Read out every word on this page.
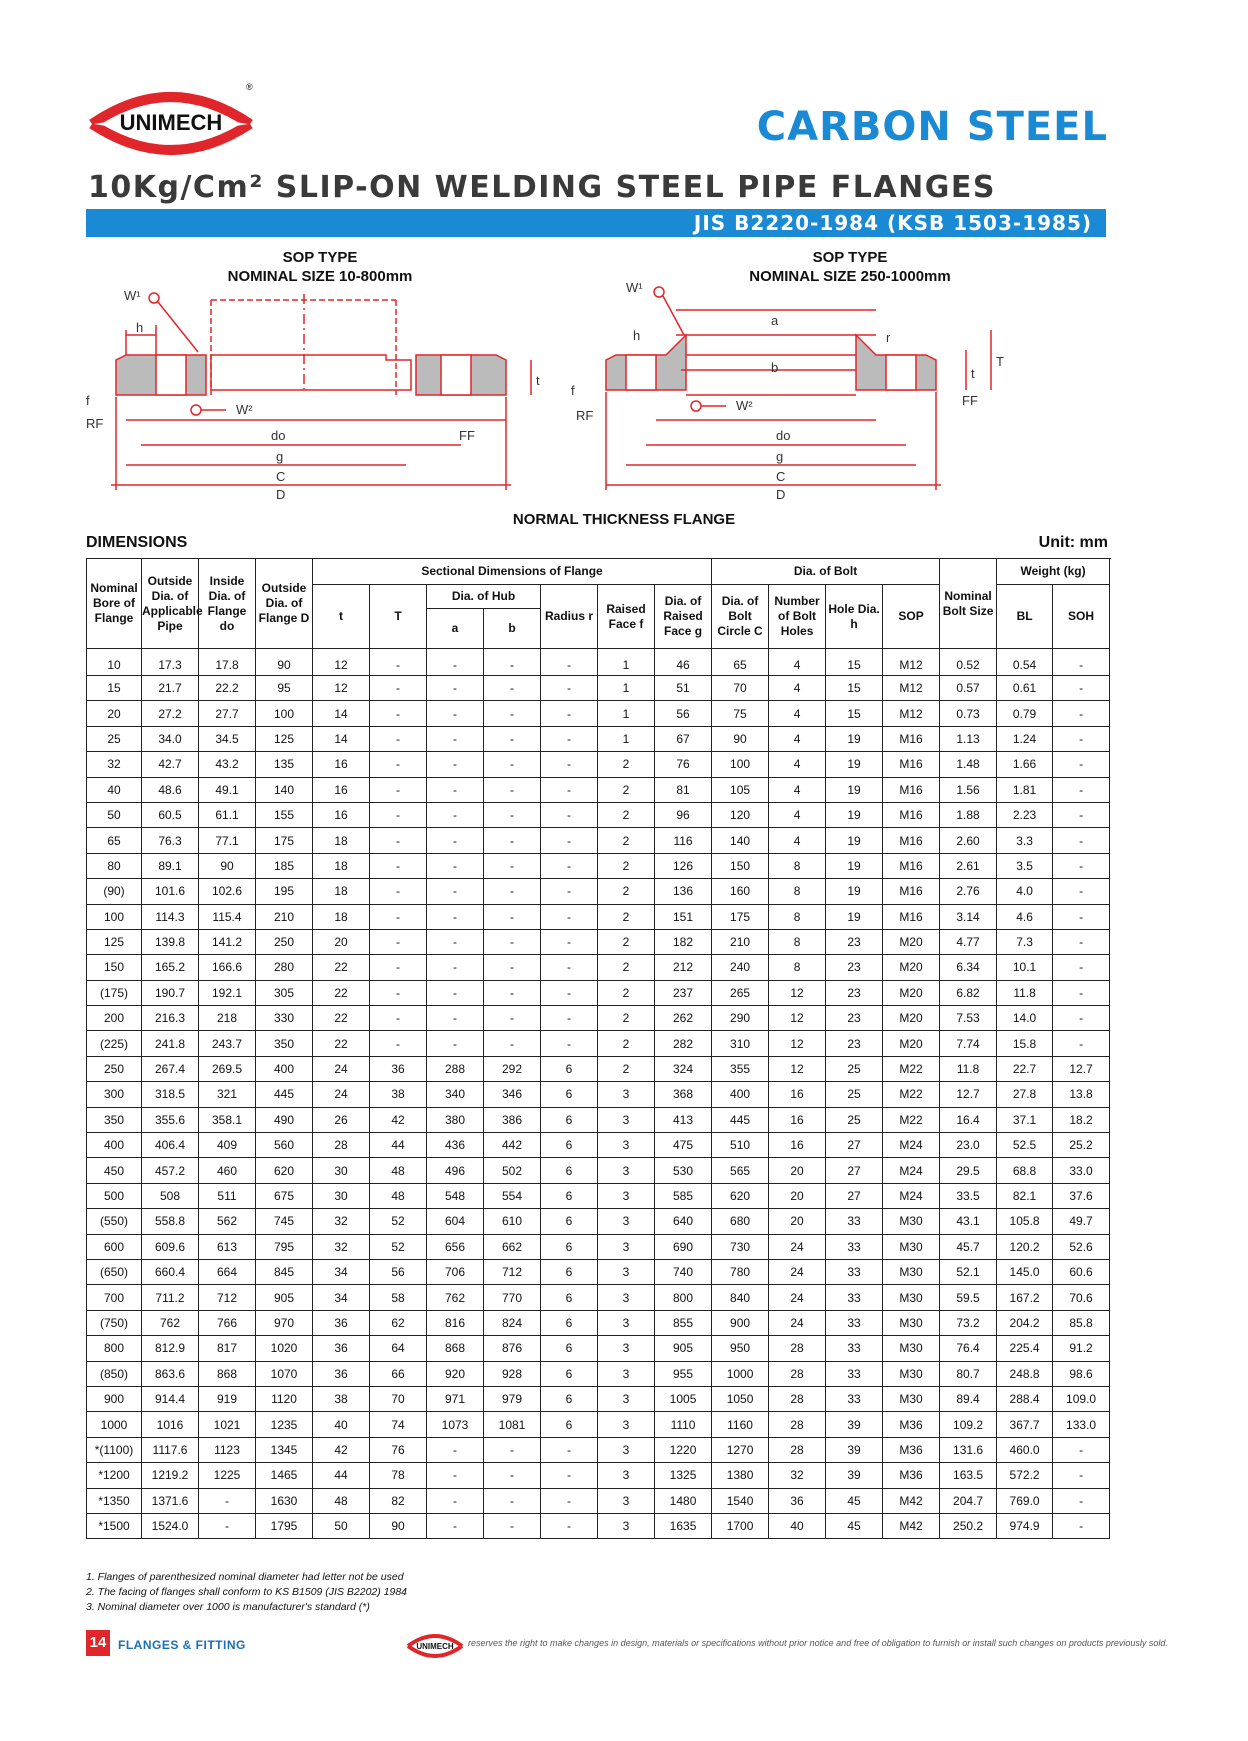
UNIMECH
®
CARBON STEEL
10Kg/Cm² SLIP-ON WELDING STEEL PIPE FLANGES
JIS B2220-1984 (KSB 1503-1985)
SOP TYPE
NOMINAL SIZE 10-800mm
SOP TYPE
NOMINAL SIZE 250-1000mm
W¹
h
W²
do
g
C
D
f
RF
t
FF
W¹
h
a
b
r
W²
do
g
C
D
f
RF
t
T
FF
NORMAL THICKNESS FLANGE
DIMENSIONS	Unit: mm
Nominal Bore of Flange	Outside Dia. of Applicable Pipe	Inside Dia. of Flange do	Outside Dia. of Flange D	Sectional Dimensions of Flange							Dia. of Bolt				Nominal Bolt Size	Weight (kg)	
				t	T	Dia. of Hub		Radius r	Raised Face f	Dia. of Raised Face g	Dia. of Bolt Circle C	Number of Bolt Holes	Hole Dia. h	SOP		BL	SOH
						a	b										
10	17.3	17.8	90	12	-	-	-	-	1	46	65	4	15	M12	0.52	0.54	-
15	21.7	22.2	95	12	-	-	-	-	1	51	70	4	15	M12	0.57	0.61	-
20	27.2	27.7	100	14	-	-	-	-	1	56	75	4	15	M12	0.73	0.79	-
25	34.0	34.5	125	14	-	-	-	-	1	67	90	4	19	M16	1.13	1.24	-
32	42.7	43.2	135	16	-	-	-	-	2	76	100	4	19	M16	1.48	1.66	-
40	48.6	49.1	140	16	-	-	-	-	2	81	105	4	19	M16	1.56	1.81	-
50	60.5	61.1	155	16	-	-	-	-	2	96	120	4	19	M16	1.88	2.23	-
65	76.3	77.1	175	18	-	-	-	-	2	116	140	4	19	M16	2.60	3.3	-
80	89.1	90	185	18	-	-	-	-	2	126	150	8	19	M16	2.61	3.5	-
(90)	101.6	102.6	195	18	-	-	-	-	2	136	160	8	19	M16	2.76	4.0	-
100	114.3	115.4	210	18	-	-	-	-	2	151	175	8	19	M16	3.14	4.6	-
125	139.8	141.2	250	20	-	-	-	-	2	182	210	8	23	M20	4.77	7.3	-
150	165.2	166.6	280	22	-	-	-	-	2	212	240	8	23	M20	6.34	10.1	-
(175)	190.7	192.1	305	22	-	-	-	-	2	237	265	12	23	M20	6.82	11.8	-
200	216.3	218	330	22	-	-	-	-	2	262	290	12	23	M20	7.53	14.0	-
(225)	241.8	243.7	350	22	-	-	-	-	2	282	310	12	23	M20	7.74	15.8	-
250	267.4	269.5	400	24	36	288	292	6	2	324	355	12	25	M22	11.8	22.7	12.7
300	318.5	321	445	24	38	340	346	6	3	368	400	16	25	M22	12.7	27.8	13.8
350	355.6	358.1	490	26	42	380	386	6	3	413	445	16	25	M22	16.4	37.1	18.2
400	406.4	409	560	28	44	436	442	6	3	475	510	16	27	M24	23.0	52.5	25.2
450	457.2	460	620	30	48	496	502	6	3	530	565	20	27	M24	29.5	68.8	33.0
500	508	511	675	30	48	548	554	6	3	585	620	20	27	M24	33.5	82.1	37.6
(550)	558.8	562	745	32	52	604	610	6	3	640	680	20	33	M30	43.1	105.8	49.7
600	609.6	613	795	32	52	656	662	6	3	690	730	24	33	M30	45.7	120.2	52.6
(650)	660.4	664	845	34	56	706	712	6	3	740	780	24	33	M30	52.1	145.0	60.6
700	711.2	712	905	34	58	762	770	6	3	800	840	24	33	M30	59.5	167.2	70.6
(750)	762	766	970	36	62	816	824	6	3	855	900	24	33	M30	73.2	204.2	85.8
800	812.9	817	1020	36	64	868	876	6	3	905	950	28	33	M30	76.4	225.4	91.2
(850)	863.6	868	1070	36	66	920	928	6	3	955	1000	28	33	M30	80.7	248.8	98.6
900	914.4	919	1120	38	70	971	979	6	3	1005	1050	28	33	M30	89.4	288.4	109.0
1000	1016	1021	1235	40	74	1073	1081	6	3	1110	1160	28	39	M36	109.2	367.7	133.0
*(1100)	1117.6	1123	1345	42	76	-	-	-	3	1220	1270	28	39	M36	131.6	460.0	-
*1200	1219.2	1225	1465	44	78	-	-	-	3	1325	1380	32	39	M36	163.5	572.2	-
*1350	1371.6	-	1630	48	82	-	-	-	3	1480	1540	36	45	M42	204.7	769.0	-
*1500	1524.0	-	1795	50	90	-	-	-	3	1635	1700	40	45	M42	250.2	974.9	-
1. Flanges of parenthesized nominal diameter had letter not be used
2. The facing of flanges shall conform to KS B1509 (JIS B2202) 1984
3. Nominal diameter over 1000 is manufacturer's standard (*)
14 FLANGES & FITTING	UNIMECH reserves the right to make changes in design, materials or specifications without prior notice and free of obligation to furnish or install such changes on products previously sold.
